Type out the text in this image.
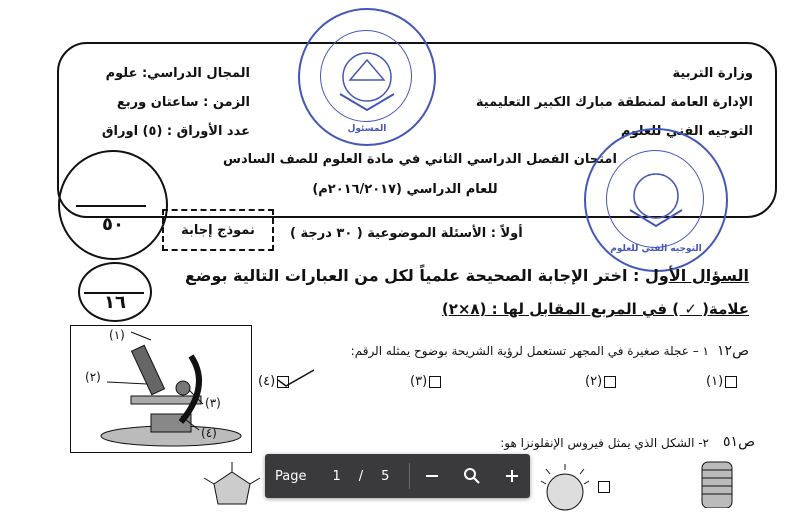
وزارة التربية
الإدارة العامة لمنطقة مبارك الكبير التعليمية
التوجيه الفني للعلوم
المجال الدراسي: علوم
الزمن : ساعتان وربع
عدد الأوراق : (٥) اوراق
امتحان الفصل الدراسي الثاني في مادة العلوم للصف السادس
للعام الدراسي (٢٠١٦/٢٠١٧م)
المسئول
التوجيه الفني للعلوم
٥٠	نموذج إجابة	أولاً : الأسئلة الموضوعية ( ٣٠ درجة )
١٦
السؤال الأول : اختر الإجابة الصحيحة علمياً لكل من العبارات التالية بوضع
علامة( ✓ ) في المربع المقابل لها : (٨×٢)
ص١٢
١ – عجلة صغيرة في المجهر تستعمل لرؤية الشريحة بوضوح يمثله الرقم:
(١)
(٢)
(٣)
(٤)
(١)
(٢)
(٣)
(٤)
ص٥١
٢- الشكل الذي يمثل فيروس الإنفلونزا هو:
Page 1 / 5
